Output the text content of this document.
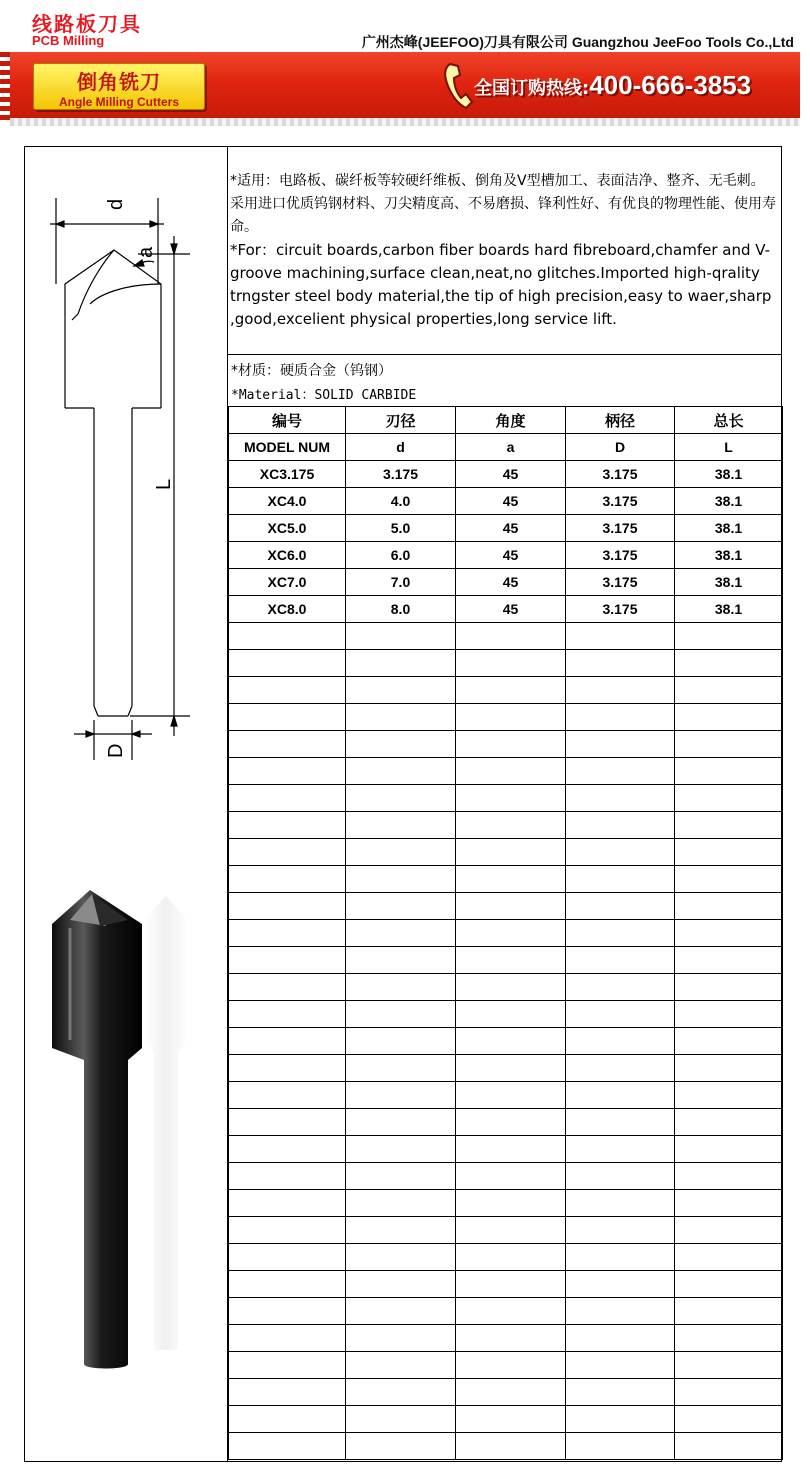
线路板刀具
PCB Milling	广州杰峰(JEEFOO)刀具有限公司 Guangzhou JeeFoo Tools Co.,Ltd
倒角铣刀
Angle Milling Cutters
全国订购热线:400-666-3853
d
a
L
D

*适用：电路板、碳纤板等较硬纤维板、倒角及V型槽加工、表面洁净、整齐、无毛刺。采用进口优质钨钢材料、刀尖精度高、不易磨损、锋利性好、有优良的物理性能、使用寿命。

*For：circuit boards,carbon fiber boards hard fibreboard,chamfer and V-groove machining,surface clean,neat,no glitches.Imported high-qrality trngster steel body material,the tip of high precision,easy to waer,sharp ,good,excelient physical properties,long service lift.

*材质：硬质合金（钨钢）
*Material：SOLID CARBIDE
编号	刃径	角度	柄径	总长
MODEL NUM	d	a	D	L
XC3.175	3.175	45	3.175	38.1
XC4.0	4.0	45	3.175	38.1
XC5.0	5.0	45	3.175	38.1
XC6.0	6.0	45	3.175	38.1
XC7.0	7.0	45	3.175	38.1
XC8.0	8.0	45	3.175	38.1
